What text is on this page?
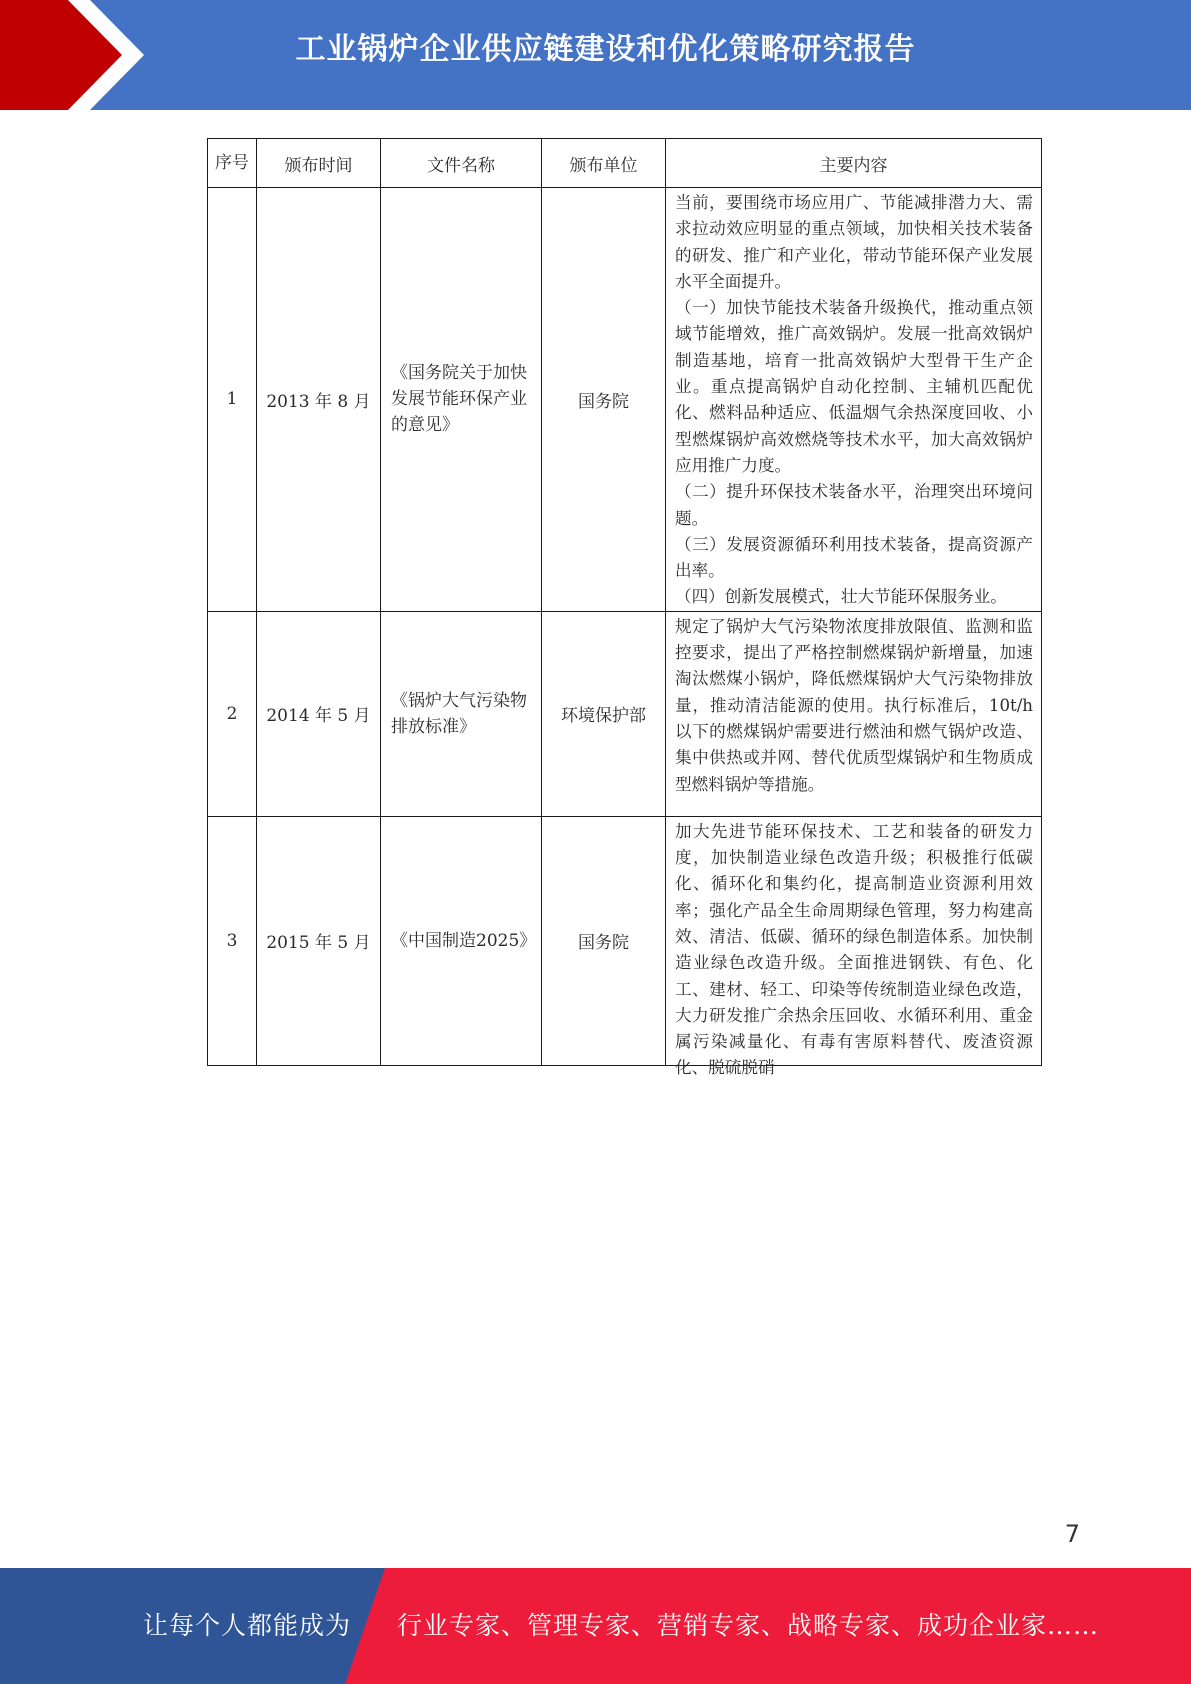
工业锅炉企业供应链建设和优化策略研究报告
序号	颁布时间	文件名称	颁布单位	主要内容
1	2013 年 8 月	《国务院关于加快发展节能环保产业的意见》	国务院	当前，要围绕市场应用广、节能减排潜力大、需求拉动效应明显的重点领域，加快相关技术装备的研发、推广和产业化，带动节能环保产业发展水平全面提升。

（一）加快节能技术装备升级换代，推动重点领域节能增效，推广高效锅炉。发展一批高效锅炉制造基地，培育一批高效锅炉大型骨干生产企业。重点提高锅炉自动化控制、主辅机匹配优化、燃料品种适应、低温烟气余热深度回收、小型燃煤锅炉高效燃烧等技术水平，加大高效锅炉应用推广力度。

（二）提升环保技术装备水平，治理突出环境问题。

（三）发展资源循环利用技术装备，提高资源产出率。

（四）创新发展模式，壮大节能环保服务业。

2	2014 年 5 月	《锅炉大气污染物排放标准》	环境保护部	规定了锅炉大气污染物浓度排放限值、监测和监控要求，提出了严格控制燃煤锅炉新增量，加速淘汰燃煤小锅炉，降低燃煤锅炉大气污染物排放量，推动清洁能源的使用。执行标准后，10t/h 以下的燃煤锅炉需要进行燃油和燃气锅炉改造、集中供热或并网、替代优质型煤锅炉和生物质成型燃料锅炉等措施。

3	2015 年 5 月	《中国制造2025》	国务院	加大先进节能环保技术、工艺和装备的研发力度，加快制造业绿色改造升级；积极推行低碳化、循环化和集约化，提高制造业资源利用效率；强化产品全生命周期绿色管理，努力构建高效、清洁、低碳、循环的绿色制造体系。加快制造业绿色改造升级。全面推进钢铁、有色、化工、建材、轻工、印染等传统制造业绿色改造，大力研发推广余热余压回收、水循环利用、重金属污染减量化、有毒有害原料替代、废渣资源化、脱硫脱硝

7
让每个人都能成为 行业专家、管理专家、营销专家、战略专家、成功企业家……
